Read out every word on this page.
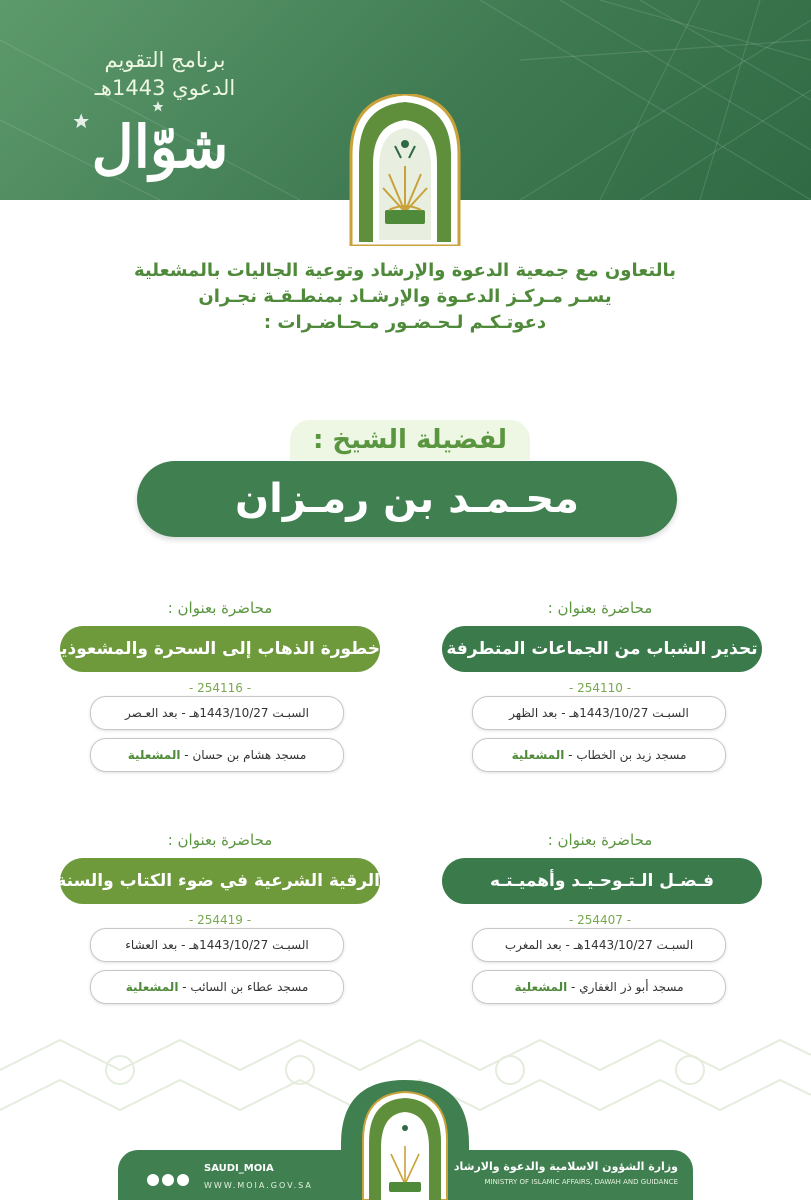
برنامج التقويم
الدعوي 1443هـ
شوّال
بالتعاون مع جمعية الدعوة والإرشاد وتوعية الجاليات بالمشعلية
يسـر مـركـز الدعـوة والإرشـاد بمنطـقـة نجـران
دعوتـكـم لـحـضـور مـحـاضـرات :
لفضيلة الشيخ :
محـمـد بن رمـزان الهـاجـري
محاضرة بعنوان :
تحذير الشباب من الجماعات المتطرفة
- 254110 -
السبـت 1443/10/27هـ - بعد الظهر
مسجد زيد بن الخطاب - المشعلية
محاضرة بعنوان :
خطورة الذهاب إلى السحرة والمشعوذين
- 254116 -
السبـت 1443/10/27هـ - بعد العـصر
مسجد هشام بن حسان - المشعلية
محاضرة بعنوان :
فـضـل الـتـوحـيـد وأهميـتـه
- 254407 -
السبـت 1443/10/27هـ - بعد المغرب
مسجد أبو ذر الغفاري - المشعلية
محاضرة بعنوان :
الرقية الشرعية في ضوء الكتاب والسنة
- 254419 -
السبـت 1443/10/27هـ - بعد العشاء
مسجد عطاء بن السائب - المشعلية
وزارة الشؤون الاسلامية والدعوة والارشاد
MINISTRY OF ISLAMIC AFFAIRS, DAWAH AND GUIDANCE
SAUDI_MOIA
WWW.MOIA.GOV.SA
